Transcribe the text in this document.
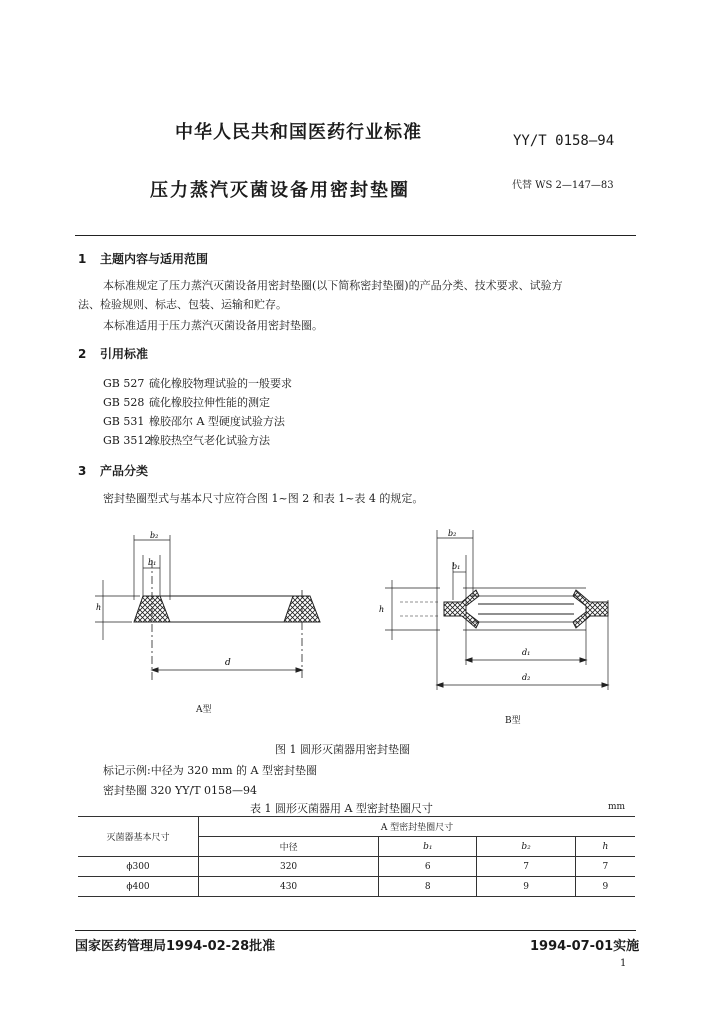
中华人民共和国医药行业标准	YY/T 0158—94
压力蒸汽灭菌设备用密封垫圈	代替 WS 2—147—83
1 主题内容与适用范围
本标准规定了压力蒸汽灭菌设备用密封垫圈(以下简称密封垫圈)的产品分类、技术要求、试验方
法、检验规则、标志、包装、运输和贮存。
本标准适用于压力蒸汽灭菌设备用密封垫圈。
2 引用标准
GB 527 硫化橡胶物理试验的一般要求
GB 528 硫化橡胶拉伸性能的测定
GB 531 橡胶邵尔 A 型硬度试验方法
GB 3512橡胶热空气老化试验方法
3 产品分类
密封垫圈型式与基本尺寸应符合图 1~图 2 和表 1~表 4 的规定。
b₂
b₁
h
d
b₂
b₁
h
d₁
d₂
A型
B型
图 1 圆形灭菌器用密封垫圈
标记示例:中径为 320 mm 的 A 型密封垫圈
密封垫圈 320 YY/T 0158—94
表 1 圆形灭菌器用 A 型密封垫圈尺寸	mm
灭菌器基本尺寸	A 型密封垫圈尺寸			
	中径	b₁	b₂	h
ϕ300	320	6	7	7
ϕ400	430	8	9	9
国家医药管理局1994-02-28批准	1994-07-01实施
1
